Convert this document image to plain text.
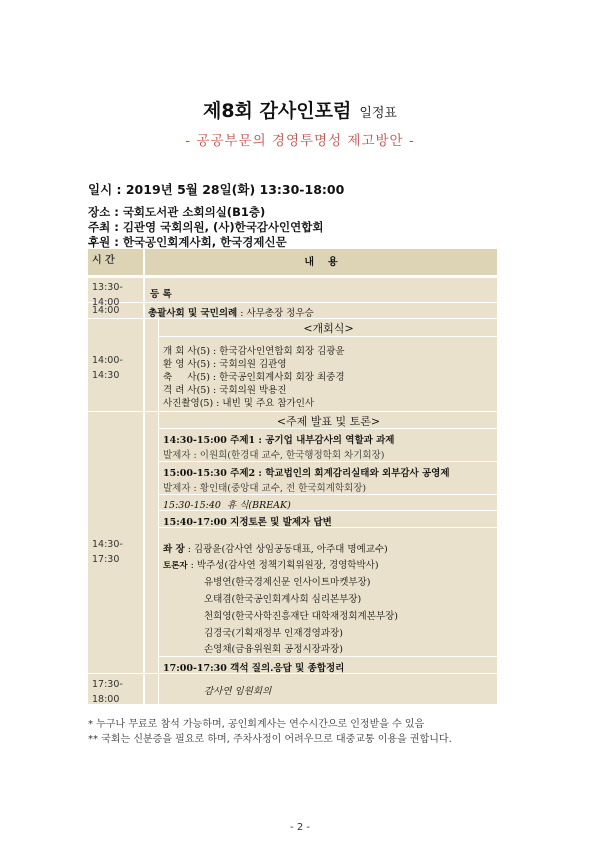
제8회 감사인포럼 일정표
- 공공부문의 경영투명성 제고방안 -
일시 : 2019년 5월 28일(화) 13:30-18:00
장소 : 국회도서관 소회의실(B1층)
주최 : 김관영 국회의원, (사)한국감사인연합회
후원 : 한국공인회계사회, 한국경제신문
시 간	내    용
13:30-
14:00
등 록
14:00	총괄사회 및 국민의례 : 사무총장 정우승
14:00-
14:30
<개회식>
개 회 사(5) : 한국감사인연합회 회장 김광윤
환 영 사(5) : 국회의원 김관영
축     사(5) : 한국공인회계사회 회장 최중경
격 려 사(5) : 국회의원 박용진
사진촬영(5) : 내빈 및 주요 참가인사
14:30-
17:30
<주제 발표 및 토론>
14:30-15:00 주제1 : 공기업 내부감사의 역할과 과제
발제자 : 이원희(한경대 교수, 한국행정학회 차기회장)
15:00-15:30 주제2 : 학교법인의 회계감리실태와 외부감사 공영제
발제자 : 황인태(중앙대 교수, 전 한국회계학회장)
15:30-15:40  휴 식(BREAK)
15:40-17:00 지정토론 및 발제자 답변
좌 장 : 김광윤(감사연 상임공동대표, 아주대 명예교수)
토론자 : 박주성(감사연 정책기획위원장, 경영학박사)
유병연(한국경제신문 인사이트마켓부장)
오태겸(한국공인회계사회 심리본부장)
천희영(한국사학진흥재단 대학재정회계본부장)
김경국(기획재정부 인재경영과장)
손영채(금융위원회 공정시장과장)
17:00-17:30 객석 질의.응답 및 종합정리
17:30-
18:00
감사연 임원회의
* 누구나 무료로 참석 가능하며, 공인회계사는 연수시간으로 인정받을 수 있음
** 국회는 신분증을 필요로 하며, 주차사정이 어려우므로 대중교통 이용을 권합니다.
- 2 -
